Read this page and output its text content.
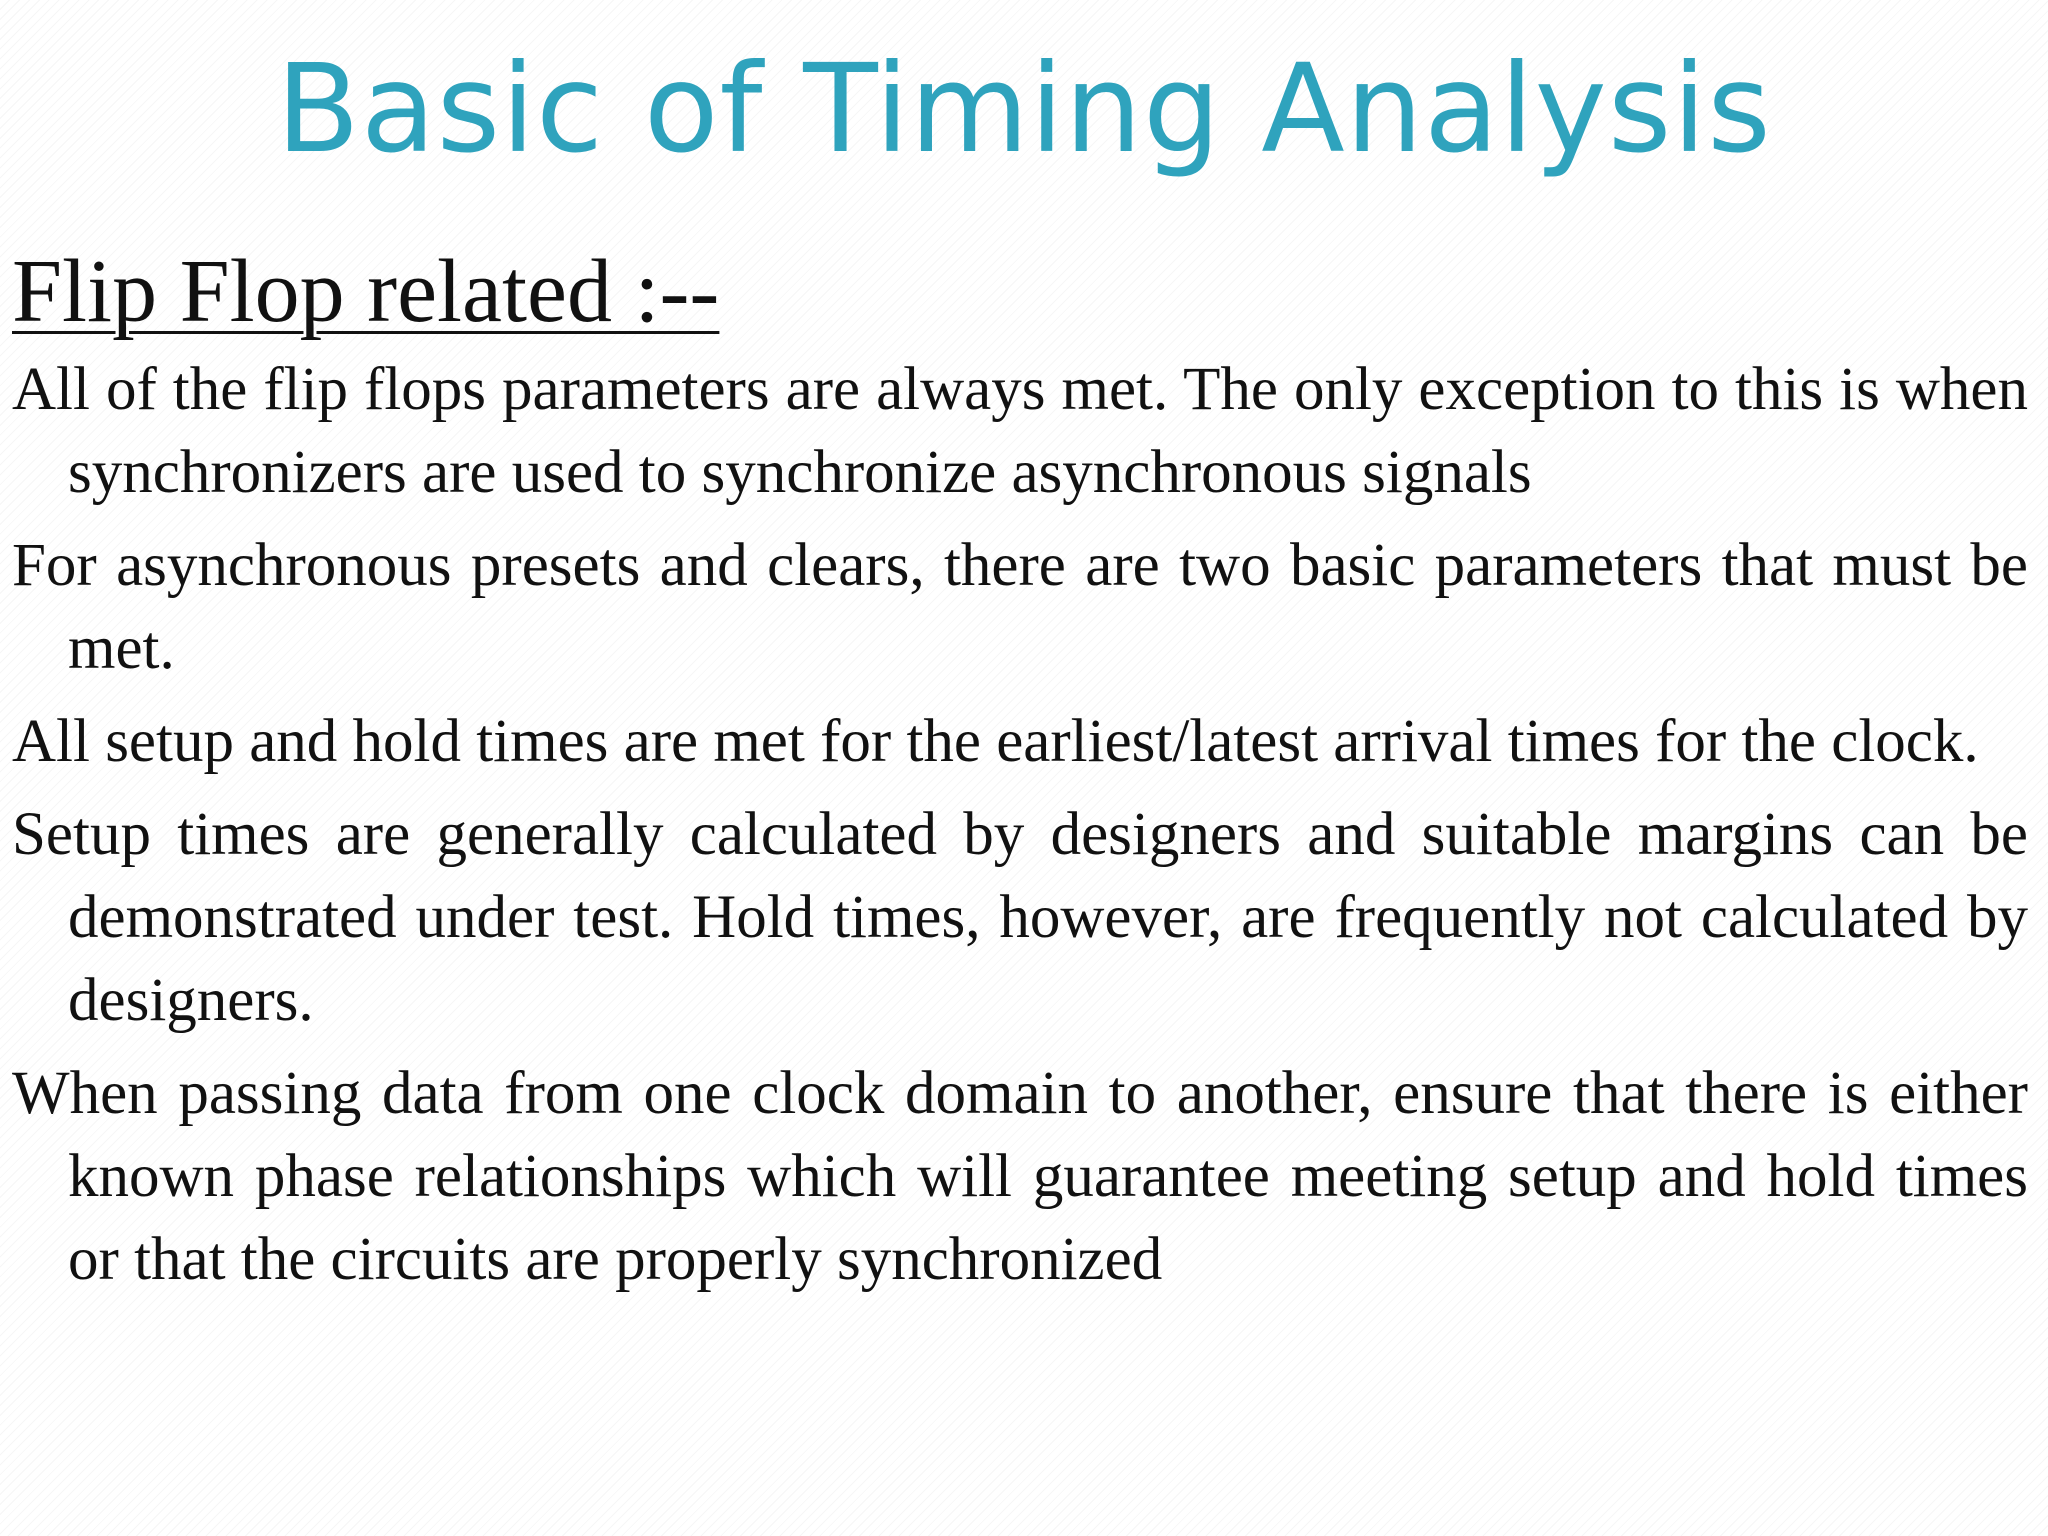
Basic of Timing Analysis
Flip Flop related :--

All of the flip flops parameters are always met. The only exception to this is when synchronizers are used to synchronize asynchronous signals

For asynchronous presets and clears, there are two basic parameters that must be met.

All setup and hold times are met for the earliest/latest arrival times for the clock.

Setup times are generally calculated by designers and suitable margins can be demonstrated under test. Hold times, however, are frequently not calculated by designers.

When passing data from one clock domain to another, ensure that there is either known phase relationships which will guarantee meeting setup and hold times or that the circuits are properly synchronized
